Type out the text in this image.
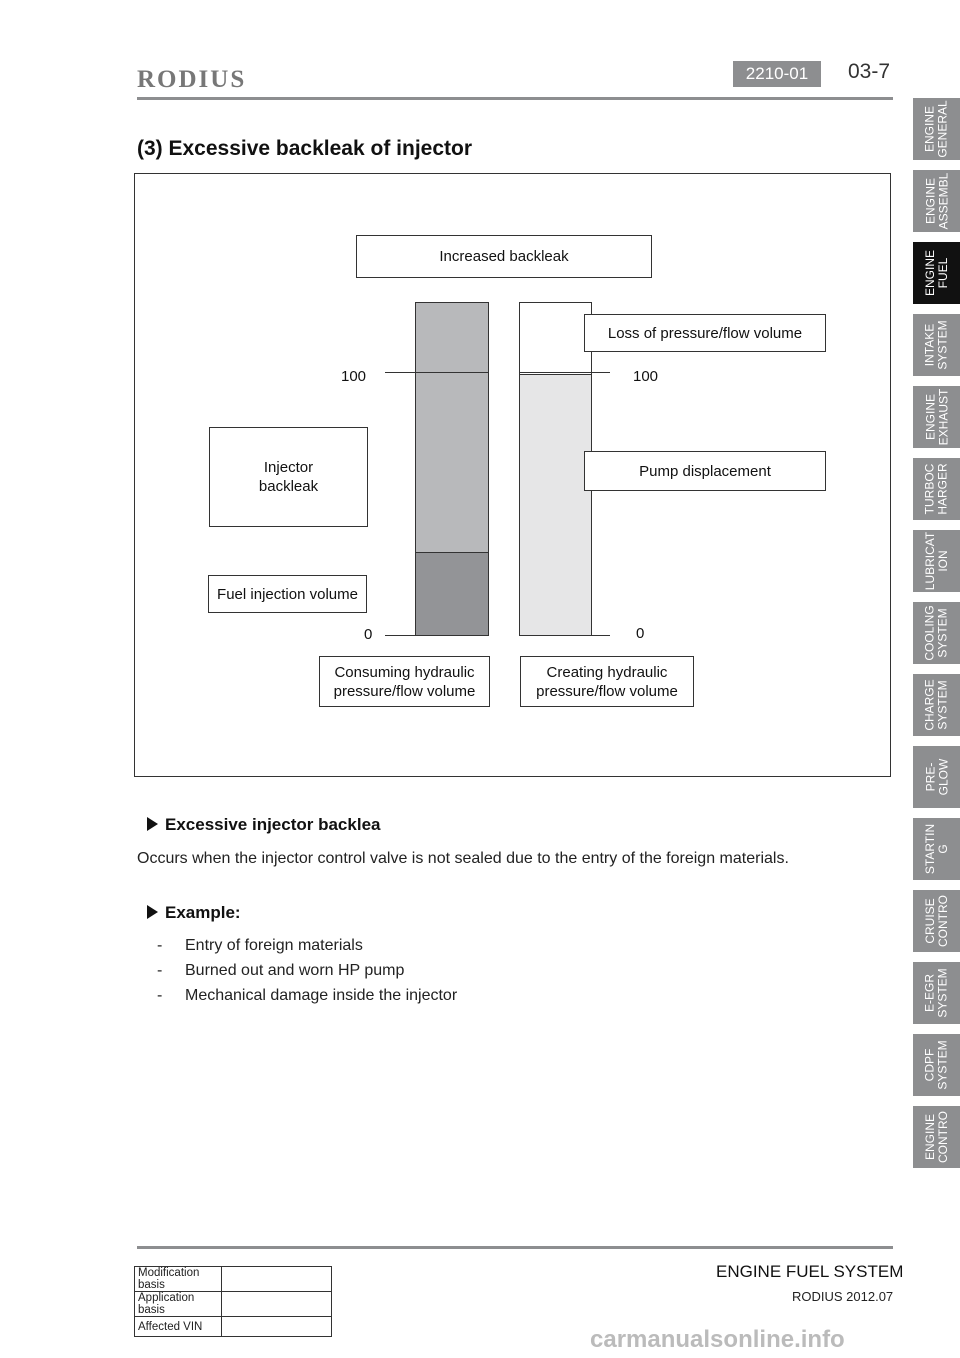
RODIUS	2210-01	03-7
(3) Excessive backleak of injector
Increased backleak
100	100
0	0
Loss of pressure/flow volume
Pump displacement
Injector
backleak
Fuel injection volume
Consuming hydraulic
pressure/flow volume
Creating hydraulic
pressure/flow volume
Excessive injector backlea
Occurs when the injector control valve is not sealed due to the entry of the foreign materials.
Example:
- Entry of foreign materials
- Burned out and worn HP pump
- Mechanical damage inside the injector
ENGINE
GENERAL
ENGINE
ASSEMBL
ENGINE
FUEL
INTAKE
SYSTEM
ENGINE
EXHAUST
TURBOC
HARGER
LUBRICAT
ION
COOLING
SYSTEM
CHARGE
SYSTEM
PRE-
GLOW
STARTIN
G
CRUISE
CONTRO
E-EGR
SYSTEM
CDPF
SYSTEM
ENGINE
CONTRO
Modification basis	
Application basis	
Affected VIN	
ENGINE FUEL SYSTEM
RODIUS 2012.07
carmanualsonline.info
